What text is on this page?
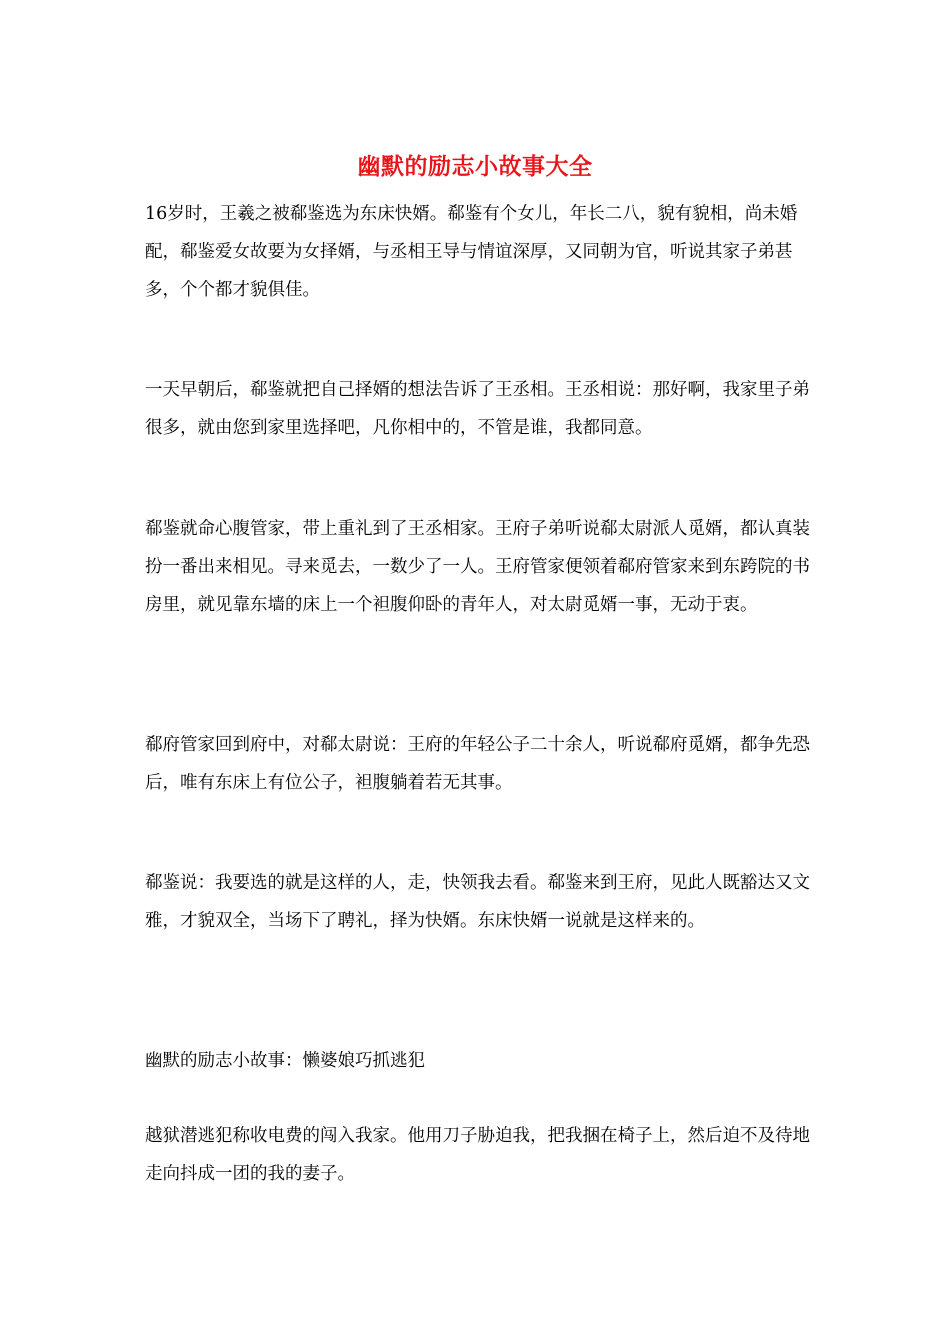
幽默的励志小故事大全

16岁时，王羲之被郗鉴选为东床快婿。郗鉴有个女儿，年长二八，貌有貌相，尚未婚配，郗鉴爱女故要为女择婿，与丞相王导与情谊深厚，又同朝为官，听说其家子弟甚多，个个都才貌俱佳。

一天早朝后，郗鉴就把自己择婿的想法告诉了王丞相。王丞相说：那好啊，我家里子弟很多，就由您到家里选择吧，凡你相中的，不管是谁，我都同意。

郗鉴就命心腹管家，带上重礼到了王丞相家。王府子弟听说郗太尉派人觅婿，都认真装扮一番出来相见。寻来觅去，一数少了一人。王府管家便领着郗府管家来到东跨院的书房里，就见靠东墙的床上一个袒腹仰卧的青年人，对太尉觅婿一事，无动于衷。

郗府管家回到府中，对郗太尉说：王府的年轻公子二十余人，听说郗府觅婿，都争先恐后，唯有东床上有位公子，袒腹躺着若无其事。

郗鉴说：我要选的就是这样的人，走，快领我去看。郗鉴来到王府，见此人既豁达又文雅，才貌双全，当场下了聘礼，择为快婿。东床快婿一说就是这样来的。

幽默的励志小故事：懒婆娘巧抓逃犯

越狱潜逃犯称收电费的闯入我家。他用刀子胁迫我，把我捆在椅子上，然后迫不及待地走向抖成一团的我的妻子。
